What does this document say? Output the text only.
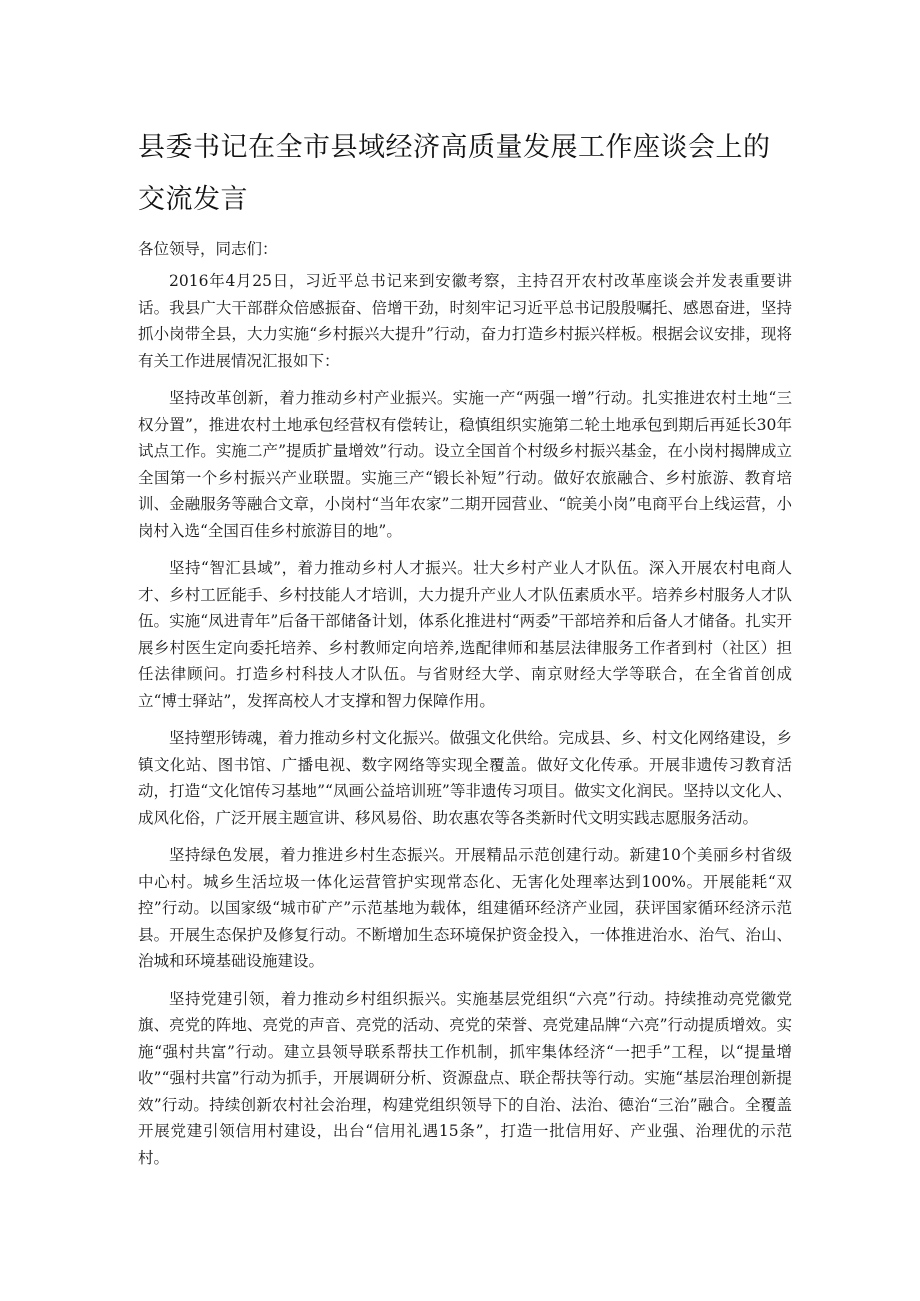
县委书记在全市县域经济高质量发展工作座谈会上的交流发言

各位领导，同志们：

2016年4月25日，习近平总书记来到安徽考察，主持召开农村改革座谈会并发表重要讲话。我县广大干部群众倍感振奋、倍增干劲，时刻牢记习近平总书记殷殷嘱托、感恩奋进，坚持抓小岗带全县，大力实施“乡村振兴大提升”行动，奋力打造乡村振兴样板。根据会议安排，现将有关工作进展情况汇报如下：

坚持改革创新，着力推动乡村产业振兴。实施一产“两强一增”行动。扎实推进农村土地“三权分置”，推进农村土地承包经营权有偿转让，稳慎组织实施第二轮土地承包到期后再延长30年试点工作。实施二产”提质扩量增效”行动。设立全国首个村级乡村振兴基金，在小岗村揭牌成立全国第一个乡村振兴产业联盟。实施三产“锻长补短”行动。做好农旅融合、乡村旅游、教育培训、金融服务等融合文章，小岗村“当年农家”二期开园营业、“皖美小岗”电商平台上线运营，小岗村入选“全国百佳乡村旅游目的地”。

坚持“智汇县域”，着力推动乡村人才振兴。壮大乡村产业人才队伍。深入开展农村电商人才、乡村工匠能手、乡村技能人才培训，大力提升产业人才队伍素质水平。培养乡村服务人才队伍。实施“凤进青年”后备干部储备计划，体系化推进村“两委”干部培养和后备人才储备。扎实开展乡村医生定向委托培养、乡村教师定向培养,选配律师和基层法律服务工作者到村（社区）担任法律顾问。打造乡村科技人才队伍。与省财经大学、南京财经大学等联合，在全省首创成立“博士驿站”，发挥高校人才支撑和智力保障作用。

坚持塑形铸魂，着力推动乡村文化振兴。做强文化供给。完成县、乡、村文化网络建设，乡镇文化站、图书馆、广播电视、数字网络等实现全覆盖。做好文化传承。开展非遗传习教育活动，打造“文化馆传习基地”“凤画公益培训班”等非遗传习项目。做实文化润民。坚持以文化人、成风化俗，广泛开展主题宣讲、移风易俗、助农惠农等各类新时代文明实践志愿服务活动。

坚持绿色发展，着力推进乡村生态振兴。开展精品示范创建行动。新建10个美丽乡村省级中心村。城乡生活垃圾一体化运营管护实现常态化、无害化处理率达到100%。开展能耗“双控”行动。以国家级“城市矿产”示范基地为载体，组建循环经济产业园，获评国家循环经济示范县。开展生态保护及修复行动。不断增加生态环境保护资金投入，一体推进治水、治气、治山、治城和环境基础设施建设。

坚持党建引领，着力推动乡村组织振兴。实施基层党组织“六亮”行动。持续推动亮党徽党旗、亮党的阵地、亮党的声音、亮党的活动、亮党的荣誉、亮党建品牌“六亮”行动提质增效。实施“强村共富”行动。建立县领导联系帮扶工作机制，抓牢集体经济“一把手”工程，以“提量增收”“强村共富”行动为抓手，开展调研分析、资源盘点、联企帮扶等行动。实施“基层治理创新提效”行动。持续创新农村社会治理，构建党组织领导下的自治、法治、德治“三治”融合。全覆盖开展党建引领信用村建设，出台“信用礼遇15条”，打造一批信用好、产业强、治理优的示范村。
